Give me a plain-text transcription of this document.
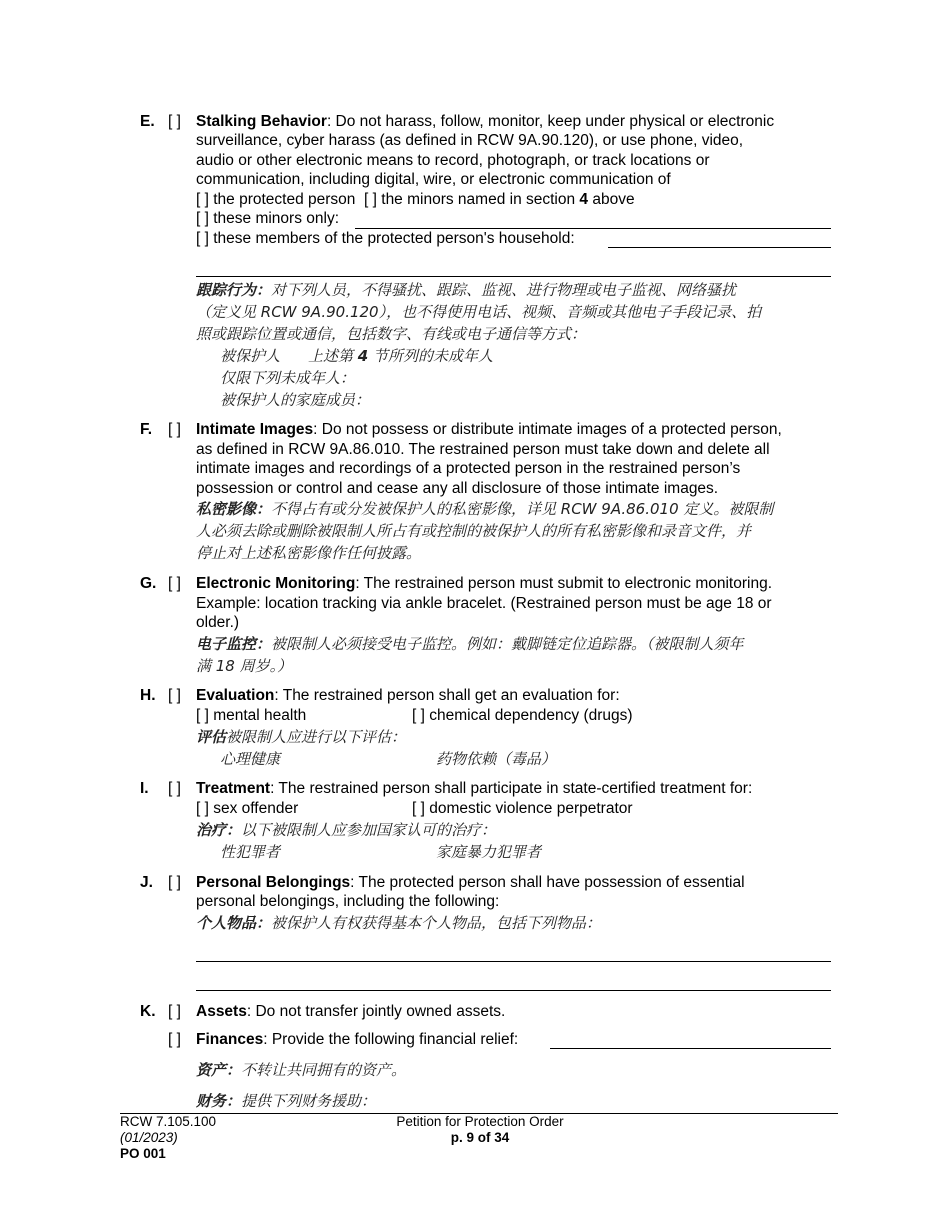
E. [ ] Stalking Behavior: Do not harass, follow, monitor, keep under physical or electronic
surveillance, cyber harass (as defined in RCW 9A.90.120), or use phone, video,
audio or other electronic means to record, photograph, or track locations or
communication, including digital, wire, or electronic communication of
[ ] the protected person [ ] the minors named in section 4 above
[ ] these minors only:
[ ] these members of the protected person's household:
跟踪行为：对下列人员，不得骚扰、跟踪、监视、进行物理或电子监视、网络骚扰
（定义见 RCW 9A.90.120），也不得使用电话、视频、音频或其他电子手段记录、拍
照或跟踪位置或通信，包括数字、有线或电子通信等方式：
被保护人 上述第 4 节所列的未成年人
仅限下列未成年人：
被保护人的家庭成员：
F. [ ] Intimate Images: Do not possess or distribute intimate images of a protected person,
as defined in RCW 9A.86.010. The restrained person must take down and delete all
intimate images and recordings of a protected person in the restrained person’s
possession or control and cease any all disclosure of those intimate images.
私密影像：不得占有或分发被保护人的私密影像，详见 RCW 9A.86.010 定义。被限制
人必须去除或删除被限制人所占有或控制的被保护人的所有私密影像和录音文件，并
停止对上述私密影像作任何披露。
G. [ ] Electronic Monitoring: The restrained person must submit to electronic monitoring.
Example: location tracking via ankle bracelet. (Restrained person must be age 18 or
older.)
电子监控：被限制人必须接受电子监控。例如：戴脚链定位追踪器。（被限制人须年
满 18 周岁。）
H. [ ] Evaluation: The restrained person shall get an evaluation for:
[ ] mental health	[ ] chemical dependency (drugs)
评估被限制人应进行以下评估：
心理健康	药物依赖（毒品）
I. [ ] Treatment: The restrained person shall participate in state-certified treatment for:
[ ] sex offender	[ ] domestic violence perpetrator
治疗：以下被限制人应参加国家认可的治疗：
性犯罪者	家庭暴力犯罪者
J. [ ] Personal Belongings: The protected person shall have possession of essential
personal belongings, including the following:
个人物品：被保护人有权获得基本个人物品，包括下列物品：
K. [ ] Assets: Do not transfer jointly owned assets.
[ ] Finances: Provide the following financial relief:
资产：不转让共同拥有的资产。
财务：提供下列财务援助：
RCW 7.105.100
(01/2023)
PO 001
Petition for Protection Order
p. 9 of 34
